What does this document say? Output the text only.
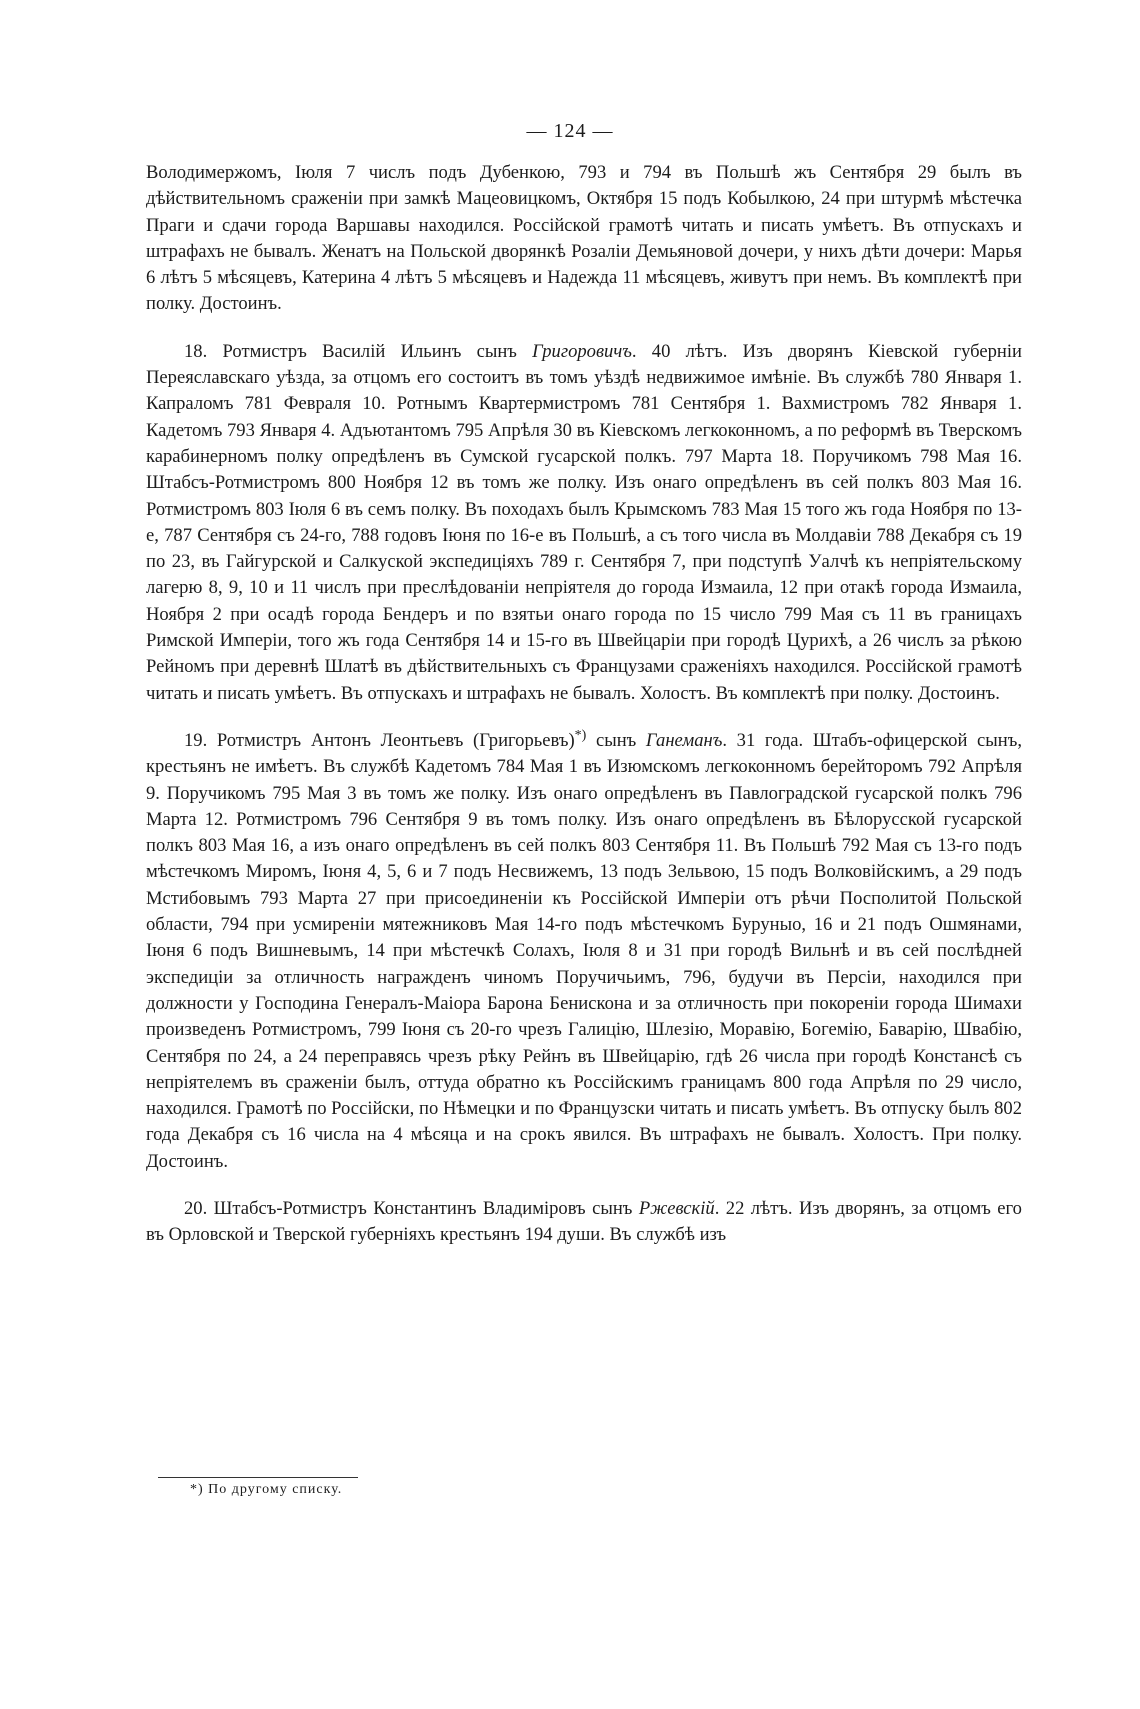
— 124 —

Володимержомъ, Іюля 7 числъ подъ Дубенкою, 793 и 794 въ Польшѣ жъ Сентября 29 былъ въ дѣйствительномъ сраженіи при замкѣ Мацеовицкомъ, Октября 15 подъ Кобылкою, 24 при штурмѣ мѣстечка Праги и сдачи города Варшавы находился. Россійской грамотѣ читать и писать умѣетъ. Въ отпускахъ и штрафахъ не бывалъ. Женатъ на Польской дворянкѣ Розаліи Демьяновой дочери, у нихъ дѣти дочери: Марья 6 лѣтъ 5 мѣсяцевъ, Катерина 4 лѣтъ 5 мѣсяцевъ и Надежда 11 мѣсяцевъ, живутъ при немъ. Въ комплектѣ при полку. Достоинъ.

18. Ротмистръ Василій Ильинъ сынъ Григоровичъ. 40 лѣтъ. Изъ дворянъ Кіевской губерніи Переяславскаго уѣзда, за отцомъ его состоитъ въ томъ уѣздѣ недвижимое имѣніе. Въ службѣ 780 Января 1. Капраломъ 781 Февраля 10. Ротнымъ Квартермистромъ 781 Сентября 1. Вахмистромъ 782 Января 1. Кадетомъ 793 Января 4. Адъютантомъ 795 Апрѣля 30 въ Кіевскомъ легкоконномъ, а по реформѣ въ Тверскомъ карабинерномъ полку опредѣленъ въ Сумской гусарской полкъ. 797 Марта 18. Поручикомъ 798 Мая 16. Штабсъ-Ротмистромъ 800 Ноября 12 въ томъ же полку. Изъ онаго опредѣленъ въ сей полкъ 803 Мая 16. Ротмистромъ 803 Іюля 6 въ семъ полку. Въ походахъ былъ Крымскомъ 783 Мая 15 того жъ года Ноября по 13-е, 787 Сентября съ 24-го, 788 годовъ Іюня по 16-е въ Польшѣ, а съ того числа въ Молдавіи 788 Декабря съ 19 по 23, въ Гайгурской и Салкуской экспедиціяхъ 789 г. Сентября 7, при подступѣ Уалчѣ къ непріятельскому лагерю 8, 9, 10 и 11 числъ при преслѣдованіи непріятеля до города Измаила, 12 при отакѣ города Измаила, Ноября 2 при осадѣ города Бендеръ и по взятьи онаго города по 15 число 799 Мая съ 11 въ границахъ Римской Имперіи, того жъ года Сентября 14 и 15-го въ Швейцаріи при городѣ Цурихѣ, а 26 числъ за рѣкою Рейномъ при деревнѣ Шлатѣ въ дѣйствительныхъ съ Французами сраженіяхъ находился. Россійской грамотѣ читать и писать умѣетъ. Въ отпускахъ и штрафахъ не бывалъ. Холостъ. Въ комплектѣ при полку. Достоинъ.

19. Ротмистръ Антонъ Леонтьевъ (Григорьевъ)*) сынъ Ганеманъ. 31 года. Штабъ-офицерской сынъ, крестьянъ не имѣетъ. Въ службѣ Кадетомъ 784 Мая 1 въ Изюмскомъ легкоконномъ берейторомъ 792 Апрѣля 9. Поручикомъ 795 Мая 3 въ томъ же полку. Изъ онаго опредѣленъ въ Павлоградской гусарской полкъ 796 Марта 12. Ротмистромъ 796 Сентября 9 въ томъ полку. Изъ онаго опредѣленъ въ Бѣлорусской гусарской полкъ 803 Мая 16, а изъ онаго опредѣленъ въ сей полкъ 803 Сентября 11. Въ Польшѣ 792 Мая съ 13-го подъ мѣстечкомъ Миромъ, Іюня 4, 5, 6 и 7 подъ Несвижемъ, 13 подъ Зельвою, 15 подъ Волковійскимъ, а 29 подъ Мстибовымъ 793 Марта 27 при присоединеніи къ Россійской Имперіи отъ рѣчи Посполитой Польской области, 794 при усмиреніи мятежниковъ Мая 14-го подъ мѣстечкомъ Буруныо, 16 и 21 подъ Ошмянами, Іюня 6 подъ Вишневымъ, 14 при мѣстечкѣ Солахъ, Іюля 8 и 31 при городѣ Вильнѣ и въ сей послѣдней экспедиціи за отличность награжденъ чиномъ Поручичьимъ, 796, будучи въ Персіи, находился при должности у Господина Генералъ-Маіора Барона Бенискона и за отличность при покореніи города Шимахи произведенъ Ротмистромъ, 799 Іюня съ 20-го чрезъ Галицію, Шлезію, Моравію, Богемію, Баварію, Швабію, Сентября по 24, а 24 переправясь чрезъ рѣку Рейнъ въ Швейцарію, гдѣ 26 числа при городѣ Констансѣ съ непріятелемъ въ сраженіи былъ, оттуда обратно къ Россійскимъ границамъ 800 года Апрѣля по 29 число, находился. Грамотѣ по Россійски, по Нѣмецки и по Французски читать и писать умѣетъ. Въ отпуску былъ 802 года Декабря съ 16 числа на 4 мѣсяца и на срокъ явился. Въ штрафахъ не бывалъ. Холостъ. При полку. Достоинъ.

20. Штабсъ-Ротмистръ Константинъ Владиміровъ сынъ Ржевскій. 22 лѣтъ. Изъ дворянъ, за отцомъ его въ Орловской и Тверской губерніяхъ крестьянъ 194 души. Въ службѣ изъ

*) По другому списку.
